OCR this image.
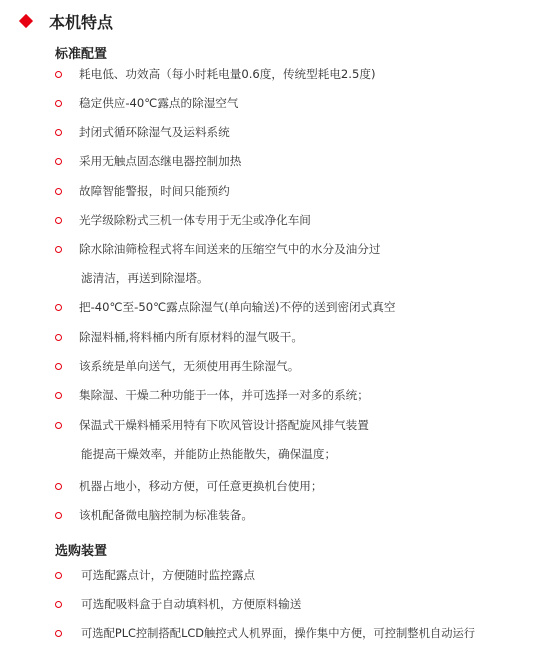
本机特点
标准配置
耗电低、功效高（每小时耗电量0.6度，传统型耗电2.5度)
稳定供应-40℃露点的除湿空气
封闭式循环除湿气及运料系统
采用无触点固态继电器控制加热
故障智能警报，时间只能预约
光学级除粉式三机一体专用于无尘或净化车间
除水除油筛检程式将车间送来的压缩空气中的水分及油分过
滤清洁，再送到除湿塔。
把-40℃至-50℃露点除湿气(单向输送)不停的送到密闭式真空
除湿料桶,将料桶内所有原材料的湿气吸干。
该系统是单向送气，无须使用再生除湿气。
集除湿、干燥二种功能于一体，并可选择一对多的系统；
保温式干燥料桶采用特有下吹风管设计搭配旋风排气装置
能提高干燥效率，并能防止热能散失，确保温度；
机器占地小，移动方便，可任意更换机台使用；
该机配备微电脑控制为标准装备。
选购装置
可选配露点计，方便随时监控露点
可选配吸料盒于自动填料机，方便原料输送
可选配PLC控制搭配LCD触控式人机界面，操作集中方便，可控制整机自动运行
